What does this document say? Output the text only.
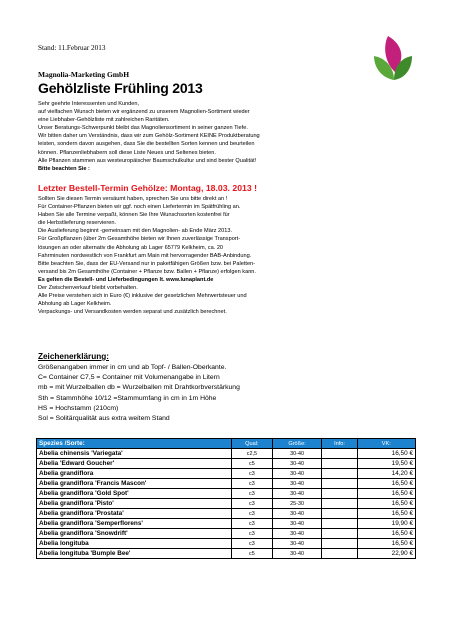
Stand: 11.Februar 2013
Magnolia-Marketing GmbH
Gehölzliste Frühling 2013

Sehr geehrte Interessenten und Kunden,

auf vielfachen Wunsch bieten wir ergänzend zu unserem Magnolien-Sortiment wieder

eine Liebhaber-Gehölzliste mit zahlreichen Raritäten.

Unser Beratungs-Schwerpunkt bleibt das Magnoliensortiment in seiner ganzen Tiefe.

Wir bitten daher um Verständnis, dass wir zum Gehölz-Sortiment KEINE Produktberatung

leisten, sondern davon ausgehen, dass Sie die bestellten Sorten kennen und beurteilen

können. Pflanzenliebhabern soll diese Liste Neues und Seltenes bieten.

Alle Pflanzen stammen aus westeuropäischer Baumschulkultur und sind bester Qualität!

Bitte beachten Sie :

Letzter Bestell-Termin Gehölze: Montag, 18.03. 2013 !

Sollten Sie diesen Termin versäumt haben, sprechen Sie uns bitte direkt an !

Für Container-Pflanzen bieten wir ggf. noch einen Liefertermin im Spätfrühling an.

Haben Sie alle Termine verpaßt, können Sie Ihre Wunschsorten kostenfrei für

die Herbstlieferung reservieren.

Die Auslieferung beginnt -gemeinsam mit den Magnolien- ab Ende März 2013.

Für Großpflanzen (über 2m Gesamthöhe bieten wir Ihnen zuverlässige Transport-

lösungen an oder alternativ die Abholung ab Lager 65779 Kelkheim, ca. 20

Fahrminuten nordwestlich von Frankfurt am Main mit hervorragender BAB-Anbindung.

Bitte beachten Sie, dass der EU-Versand nur in paketfähigen Größen bzw. bei Paletten-

versand bis 2m Gesamthöhe (Container + Pflanze bzw. Ballen + Pflanze) erfolgen kann.

Es gelten die Bestell- und Lieferbedingungen lt. www.lunaplant.de

Der Zwischenverkauf bleibt vorbehalten.

Alle Preise verstehen sich in Euro (€) inklusive der gesetzlichen Mehrwertsteuer und

Abholung ab Lager Kelkheim.

Verpackungs- und Versandkosten werden separat und zusätzlich berechnet.

Zeichenerklärung:

Größenangaben immer in cm und ab Topf- / Ballen-Oberkante.

C= Container C7,5 = Container mit Volumenangabe in Litern

mb = mit Wurzelballen db = Wurzelballen mit Drahtkorbverstärkung

Sth = Stammhöhe 10/12 =Stammumfang in cm in 1m Höhe

HS = Hochstamm (210cm)

Sol = Solitärqualität aus extra weitem Stand

Spezies /Sorte:	Qual:	Größe:	Info:	VK:
Abelia chinensis 'Variegata'	c2,5	30-40		16,50 €
Abelia 'Edward Goucher'	c5	30-40		19,50 €
Abelia grandiflora	c3	30-40		14,20 €
Abelia grandiflora 'Francis Mascon'	c3	30-40		16,50 €
Abelia grandiflora 'Gold Spot'	c3	30-40		16,50 €
Abelia grandiflora 'Pisto'	c3	25-30		16,50 €
Abelia grandiflora 'Prostata'	c3	30-40		16,50 €
Abelia grandiflora 'Semperflorens'	c3	30-40		19,90 €
Abelia grandiflora 'Snowdrift'	c3	30-40		16,50 €
Abelia longituba	c3	30-40		16,50 €
Abelia longituba 'Bumple Bee'	c5	30-40		22,90 €
